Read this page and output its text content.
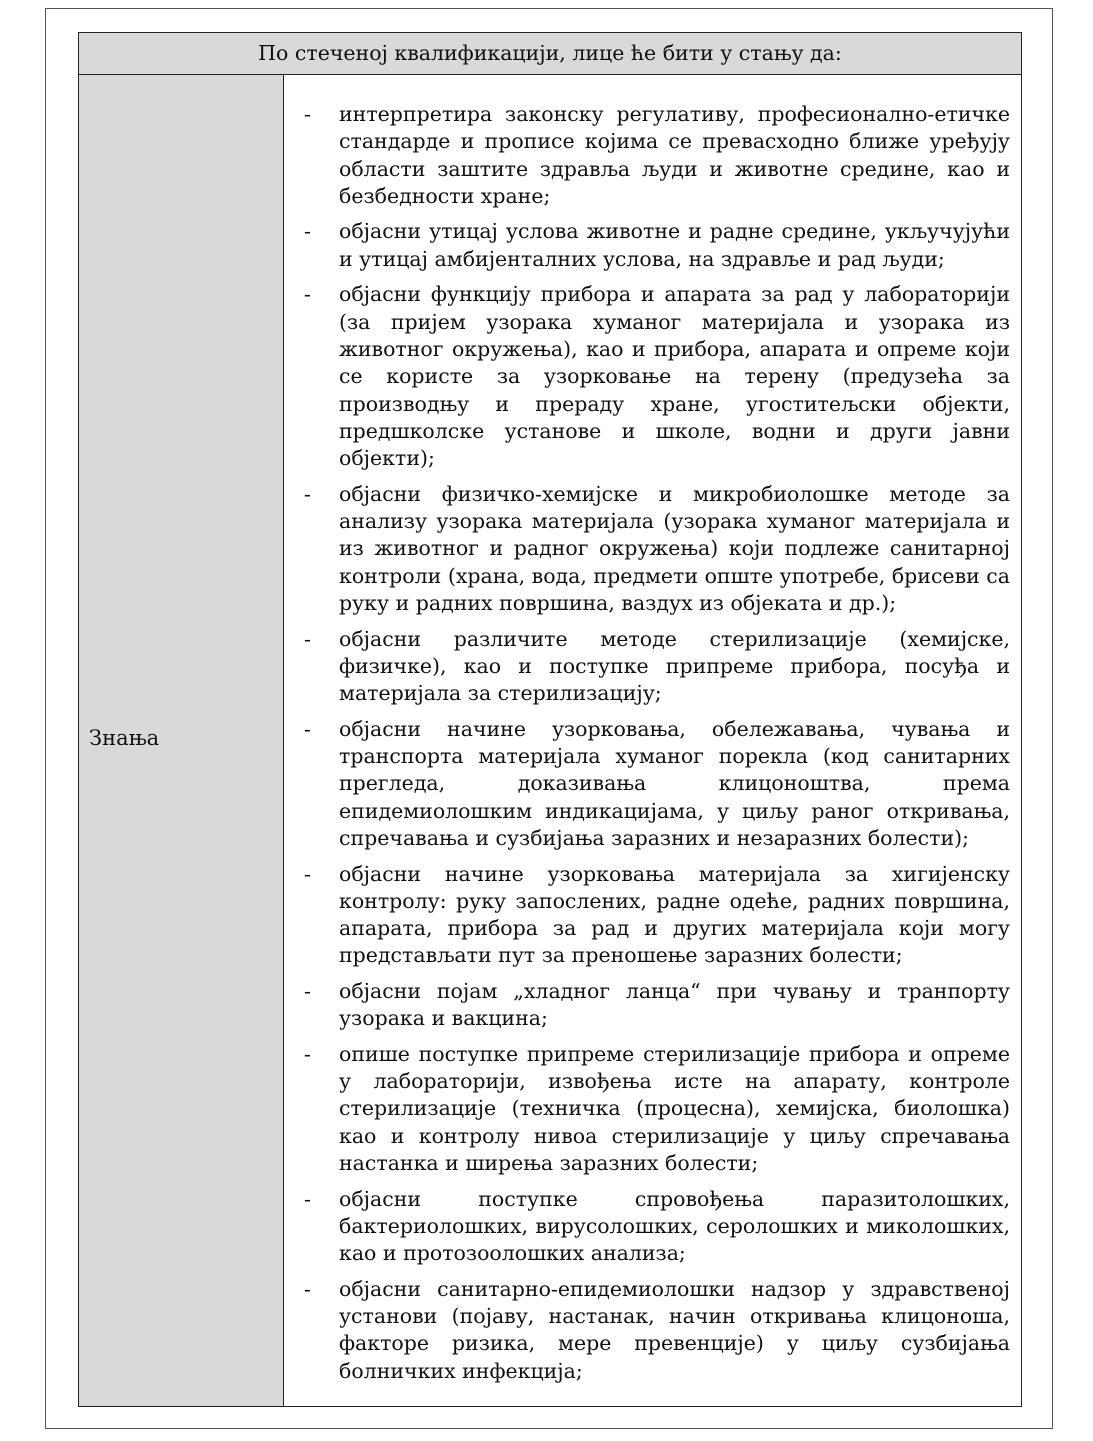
По стеченој квалификацији, лице ће бити у стању да:
Знања
-	интерпретира законску регулативу, професионално-етичке стандарде и прописе којима се превасходно ближе уређују области заштите здравља људи и животне средине, као и безбедности хране;
-	објасни утицај услова животне и радне средине, укључујући и утицај амбијенталних услова, на здравље и рад људи;
-	објасни функцију прибора и апарата за рад у лабораторији (за пријем узорака хуманог материјала и узорака из животног окружења), као и прибора, апарата и опреме који се користе за узорковање на терену (предузећа за производњу и прераду хране, угоститељски објекти, предшколске установе и школе, водни и други јавни објекти);
-	објасни физичко-хемијске и микробиолошке методе за анализу узорака материјала (узорака хуманог материјала и из животног и радног окружења) који подлеже санитарној контроли (храна, вода, предмети опште употребе, брисеви са руку и радних површина, ваздух из објеката и др.);
-	објасни различите методе стерилизације (хемијске, физичке), као и поступке припреме прибора, посуђа и материјала за стерилизацију;
-	објасни начине узорковања, обележавања, чувања и транспорта материјала хуманог порекла (код санитарних прегледа, доказивања клицоноштва, према епидемиолошким индикацијама, у циљу раног откривања, спречавања и сузбијања заразних и незаразних болести);
-	објасни начине узорковања материјала за хигијенску контролу: руку запослених, радне одеће, радних површина, апарата, прибора за рад и других материјала који могу представљати пут за преношење заразних болести;
-	објасни појам „хладног ланца“ при чувању и транпорту узорака и вакцина;
-	опише поступке припреме стерилизације прибора и опреме у лабораторији, извођења исте на апарату, контроле стерилизације (техничка (процесна), хемијска, биолошка) као и контролу нивоа стерилизације у циљу спречавања настанка и ширења заразних болести;
-	објасни поступке спровођења паразитолошких, бактериолошких, вирусолошких, серолошких и миколошких, као и протозоолошких анализа;
-	објасни санитарно-епидемиолошки надзор у здравственој установи (појаву, настанак, начин откривања клицоноша, факторе ризика, мере превенције) у циљу сузбијања болничких инфекција;
